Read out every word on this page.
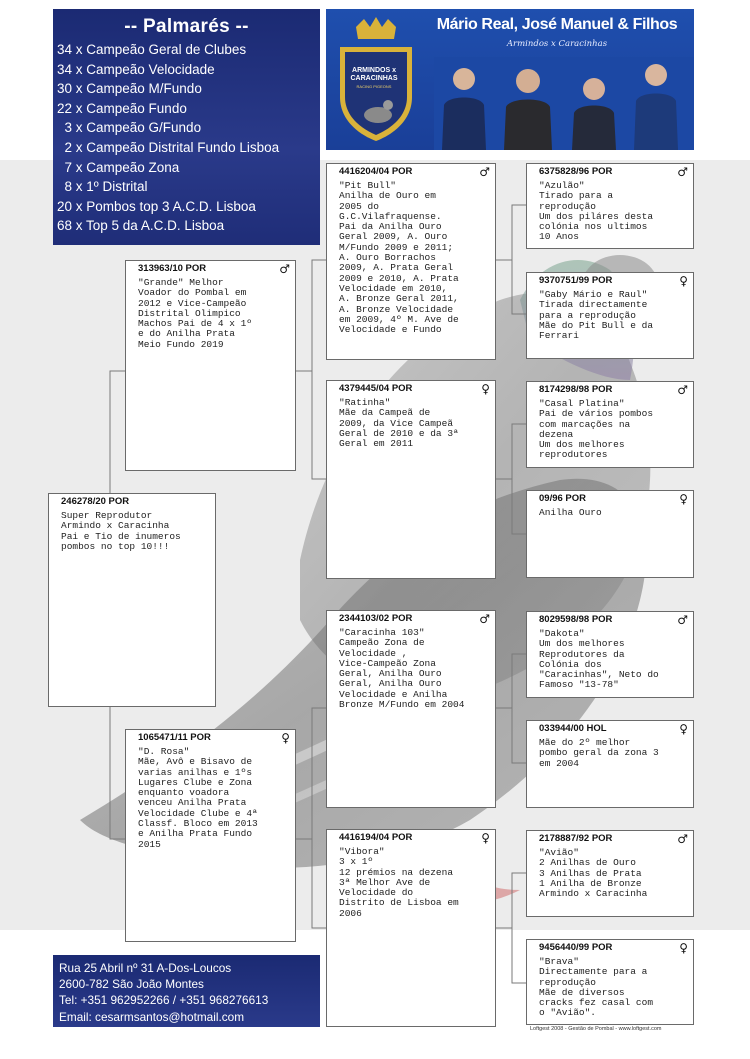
-- Palmarés --
34 x Campeão Geral de Clubes
34 x Campeão Velocidade
30 x Campeão M/Fundo
22 x Campeão Fundo
3 x Campeão G/Fundo
2 x Campeão Distrital Fundo Lisboa
7 x Campeão Zona
8 x 1º Distrital
20 x Pombos top 3 A.C.D. Lisboa
68 x Top 5 da A.C.D. Lisboa
ARMINDOS x
CARACINHAS
RACING PIGEONS
Mário Real, José Manuel & Filhos
Armindos x Caracinhas
246278/20 POR
Super Reprodutor
Armindo x Caracinha
Pai e Tio de inumeros
pombos no top 10!!!
313963/10 POR	♂
"Grande" Melhor
Voador do Pombal em
2012 e Vice-Campeão
Distrital Olimpico
Machos Pai de 4 x 1º
e do Anilha Prata
Meio Fundo 2019
1065471/11 POR	♀
"D. Rosa"
Mãe, Avô e Bisavo de
varias anilhas e 1ºs
Lugares Clube e Zona
enquanto voadora
venceu Anilha Prata
Velocidade Clube e 4ª
Classf. Bloco em 2013
e Anilha Prata Fundo
2015
4416204/04 POR	♂
"Pit Bull"
Anilha de Ouro em
2005 do
G.C.Vilafraquense.
Pai da Anilha Ouro
Geral 2009, A. Ouro
M/Fundo 2009 e 2011;
A. Ouro Borrachos
2009, A. Prata Geral
2009 e 2010, A. Prata
Velocidade em 2010,
A. Bronze Geral 2011,
A. Bronze Velocidade
em 2009, 4º M. Ave de
Velocidade e Fundo
4379445/04 POR	♀
"Ratinha"
Mãe da Campeã de
2009, da Vice Campeã
Geral de 2010 e da 3ª
Geral em 2011
2344103/02 POR	♂
"Caracinha 103"
Campeão Zona de
Velocidade ,
Vice-Campeão Zona
Geral, Anilha Ouro
Geral, Anilha Ouro
Velocidade e Anilha
Bronze M/Fundo em 2004
4416194/04 POR	♀
"Vibora"
3 x 1º
12 prémios na dezena
3ª Melhor Ave de
Velocidade do
Distrito de Lisboa em
2006
6375828/96 POR	♂
"Azulão"
Tirado para a
reprodução
Um dos piláres desta
colónia nos ultimos
10 Anos
9370751/99 POR	♀
"Gaby Mário e Raul"
Tirada directamente
para a reprodução
Mãe do Pit Bull e da
Ferrari
8174298/98 POR	♂
"Casal Platina"
Pai de vários pombos
com marcações na
dezena
Um dos melhores
reprodutores
09/96 POR	♀
Anilha Ouro
8029598/98 POR	♂
"Dakota"
Um dos melhores
Reprodutores da
Colónia dos
"Caracinhas", Neto do
Famoso "13-78"
033944/00 HOL	♀
Mãe do 2º melhor
pombo geral da zona 3
em 2004
2178887/92 POR	♂
"Avião"
2 Anilhas de Ouro
3 Anilhas de Prata
1 Anilha de Bronze
Armindo x Caracinha
9456440/99 POR	♀
"Brava"
Directamente para a
reprodução
Mãe de diversos
cracks fez casal com
o "Avião".
Rua 25 Abril nº 31 A-Dos-Loucos
2600-782 São João Montes
Tel: +351 962952266 / +351 968276613
Email: cesarmsantos@hotmail.com
Loftgest 2008 - Gestão de Pombal - www.loftgest.com
